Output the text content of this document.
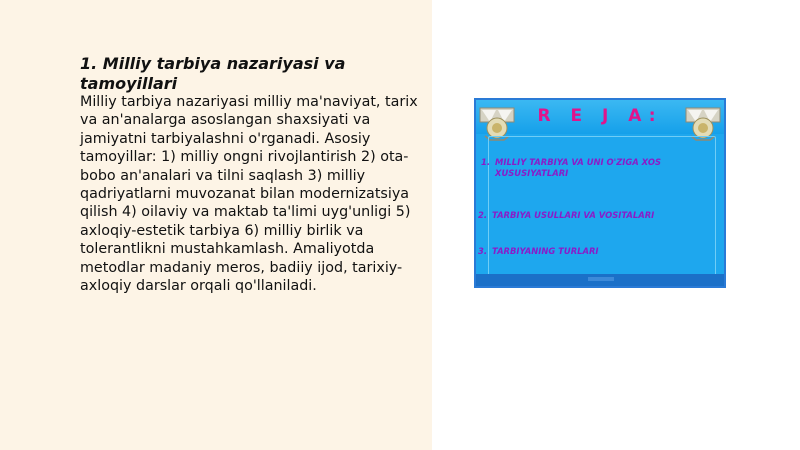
1. Milliy tarbiya nazariyasi va tamoyillari

Milliy tarbiya nazariyasi milliy ma'naviyat, tarix va an'analarga asoslangan shaxsiyati va jamiyatni tarbiyalashni o'rganadi. Asosiy tamoyillar: 1) milliy ongni rivojlantirish 2) ota-bobo an'analari va tilni saqlash 3) milliy qadriyatlarni muvozanat bilan modernizatsiya qilish 4) oilaviy va maktab ta'limi uyg'unligi 5) axloqiy-estetik tarbiya 6) milliy birlik va tolerantlikni mustahkamlash. Amaliyotda metodlar madaniy meros, badiiy ijod, tarixiy-axloqiy darslar orqali qo'llaniladi.

R E J A:
1. MILLIY TARBIYA VA UNI O'ZIGA XOS
XUSUSIYATLARI
2. TARBIYA USULLARI VA VOSITALARI
3. TARBIYANING TURLARI
